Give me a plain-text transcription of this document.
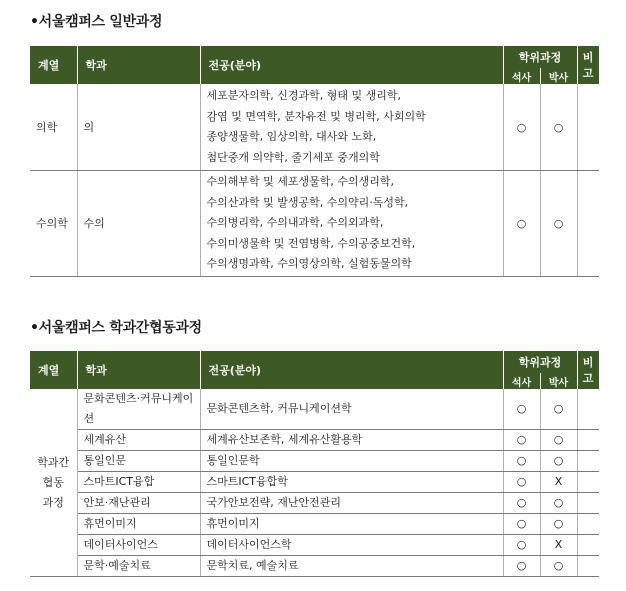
•서울캠퍼스 일반과정
계열	학과	전공(분야)	학위과정		비고
			석사	박사	
의학	의	세포분자의학, 신경과학, 형태 및 생리학,
감염 및 면역학, 분자유전 및 병리학, 사회의학
종양생물학, 임상의학, 대사와 노화,
첨단중개 의약학, 줄기세포 중개의학	○	○	
수의학	수의	수의해부학 및 세포생물학, 수의생리학,
수의산과학 및 발생공학, 수의약리·독성학,
수의병리학, 수의내과학, 수의외과학,
수의미생물학 및 전염병학, 수의공중보건학,
수의생명과학, 수의영상의학, 실험동물의학	○	○	
•서울캠퍼스 학과간협동과정
계열	학과	전공(분야)	학위과정		비고
			석사	박사	

학과간
협동
과정	문화콘텐츠·커뮤니케이션	문화콘텐츠학, 커뮤니케이션학	○	○	
	세계유산	세계유산보존학, 세계유산활용학	○	○	
	통일인문	통일인문학	○	○	
	스마트ICT융합	스마트ICT융합학	○	X	
	안보·재난관리	국가안보전략, 재난안전관리	○	○	
	휴먼이미지	휴먼이미지	○	○	
	데이터사이언스	데이터사이언스학	○	X	
	문학·예술치료	문학치료, 예술치료	○	○	
